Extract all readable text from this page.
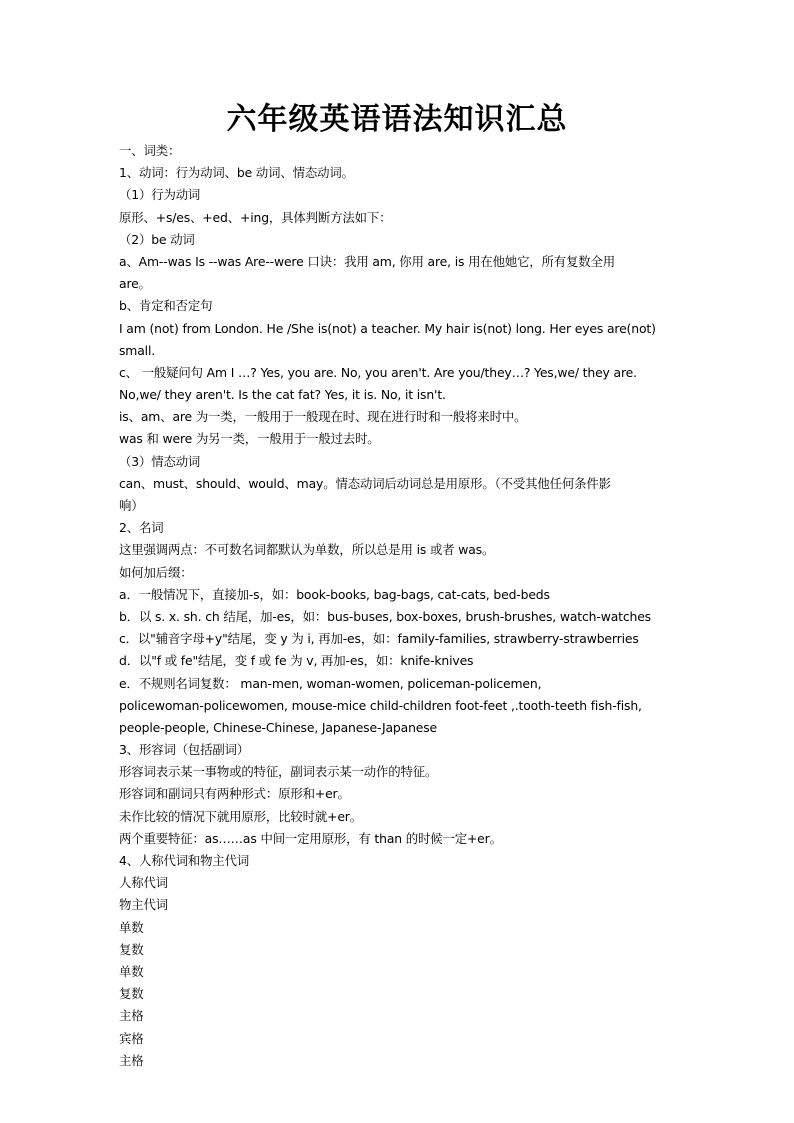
六年级英语语法知识汇总
一、词类：
1、动词：行为动词、be 动词、情态动词。
（1）行为动词
原形、+s/es、+ed、+ing，具体判断方法如下：
（2）be 动词
a、Am--was Is --was Are--were 口诀：我用 am, 你用 are, is 用在他她它，所有复数全用
are。
b、肯定和否定句
I am (not) from London. He /She is(not) a teacher. My hair is(not) long. Her eyes are(not)
small.
c、 一般疑问句 Am I …? Yes, you are. No, you aren't. Are you/they…? Yes,we/ they are.
No,we/ they aren't. Is the cat fat? Yes, it is. No, it isn't.
is、am、are 为一类，一般用于一般现在时、现在进行时和一般将来时中。
was 和 were 为另一类，一般用于一般过去时。
（3）情态动词
can、must、should、would、may。情态动词后动词总是用原形。（不受其他任何条件影
响）
2、名词
这里强调两点：不可数名词都默认为单数，所以总是用 is 或者 was。
如何加后缀：
a．一般情况下，直接加-s，如：book-books, bag-bags, cat-cats, bed-beds
b．以 s. x. sh. ch 结尾，加-es，如：bus-buses, box-boxes, brush-brushes, watch-watches
c．以"辅音字母+y"结尾，变 y 为 i, 再加-es，如：family-families, strawberry-strawberries
d．以"f 或 fe"结尾，变 f 或 fe 为 v, 再加-es，如：knife-knives
e．不规则名词复数： man-men, woman-women, policeman-policemen,
policewoman-policewomen, mouse-mice child-children foot-feet ,.tooth-teeth fish-fish,
people-people, Chinese-Chinese, Japanese-Japanese
3、形容词（包括副词）
形容词表示某一事物或的特征，副词表示某一动作的特征。
形容词和副词只有两种形式：原形和+er。
未作比较的情况下就用原形，比较时就+er。
两个重要特征：as……as 中间一定用原形，有 than 的时候一定+er。
4、人称代词和物主代词
人称代词
物主代词
单数
复数
单数
复数
主格
宾格
主格
